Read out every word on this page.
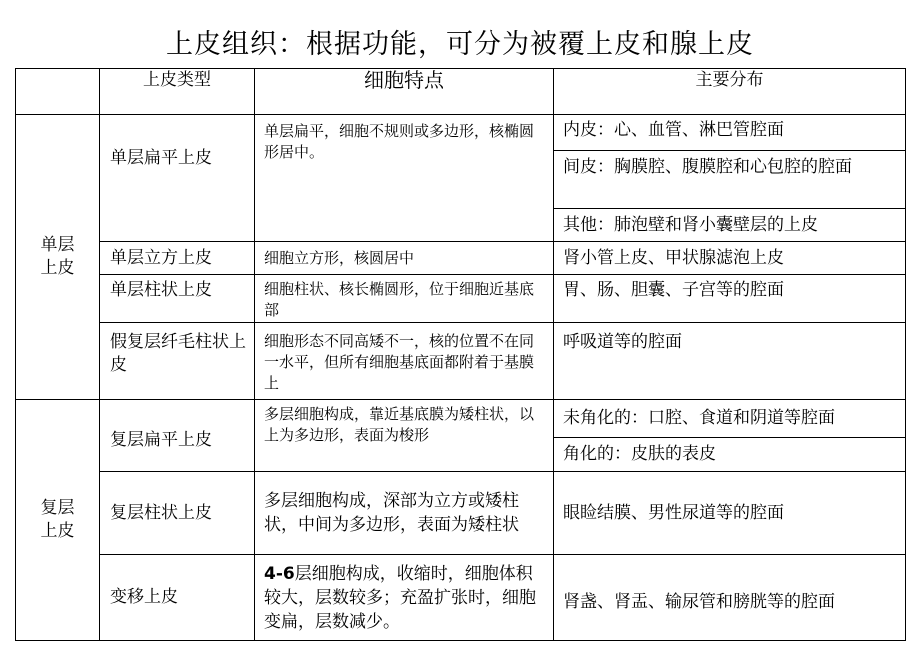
上皮组织：根据功能，可分为被覆上皮和腺上皮
	上皮类型	细胞特点	主要分布
单层
上皮	单层扁平上皮	单层扁平，细胞不规则或多边形，核椭圆形居中。	内皮：心、血管、淋巴管腔面
			间皮：胸膜腔、腹膜腔和心包腔的腔面
			其他：肺泡壁和肾小囊壁层的上皮
	单层立方上皮	细胞立方形，核圆居中	肾小管上皮、甲状腺滤泡上皮
	单层柱状上皮	细胞柱状、核长椭圆形，位于细胞近基底部	胃、肠、胆囊、子宫等的腔面
	假复层纤毛柱状上皮	细胞形态不同高矮不一，核的位置不在同一水平，但所有细胞基底面都附着于基膜上	呼吸道等的腔面
复层
上皮	复层扁平上皮	多层细胞构成，靠近基底膜为矮柱状，以上为多边形，表面为梭形	未角化的：口腔、食道和阴道等腔面
			角化的：皮肤的表皮
	复层柱状上皮	多层细胞构成，深部为立方或矮柱状，中间为多边形，表面为矮柱状	眼睑结膜、男性尿道等的腔面
	变移上皮	4-6层细胞构成，收缩时，细胞体积较大，层数较多；充盈扩张时，细胞变扁，层数减少。	肾盏、肾盂、输尿管和膀胱等的腔面
